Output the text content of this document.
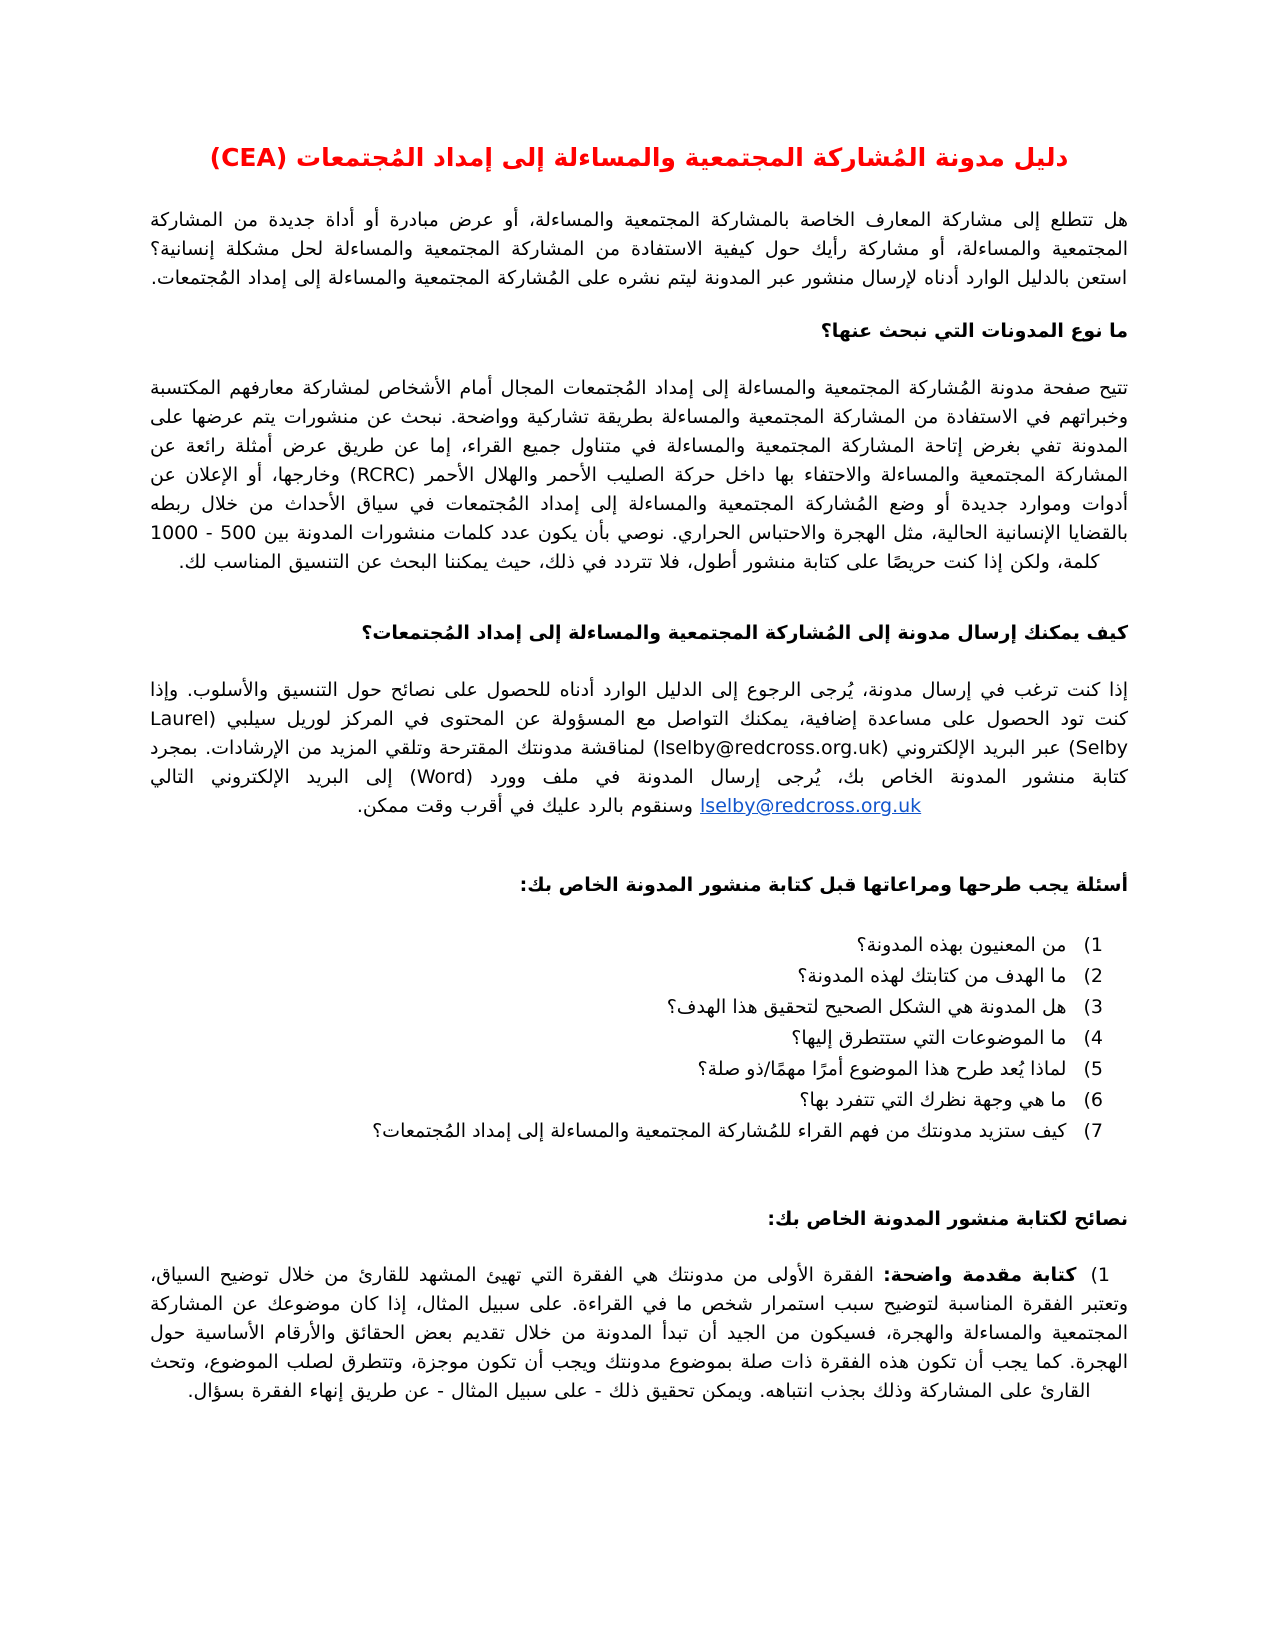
دليل مدونة المُشاركة المجتمعية والمساءلة إلى إمداد المُجتمعات (CEA)

هل تتطلع إلى مشاركة المعارف الخاصة بالمشاركة المجتمعية والمساءلة، أو عرض مبادرة أو أداة جديدة من المشاركة المجتمعية والمساءلة، أو مشاركة رأيك حول كيفية الاستفادة من المشاركة المجتمعية والمساءلة لحل مشكلة إنسانية؟ استعن بالدليل الوارد أدناه لإرسال منشور عبر المدونة ليتم نشره على المُشاركة المجتمعية والمساءلة إلى إمداد المُجتمعات.

ما نوع المدونات التي نبحث عنها؟

تتيح صفحة مدونة المُشاركة المجتمعية والمساءلة إلى إمداد المُجتمعات المجال أمام الأشخاص لمشاركة معارفهم المكتسبة وخبراتهم في الاستفادة من المشاركة المجتمعية والمساءلة بطريقة تشاركية وواضحة. نبحث عن منشورات يتم عرضها على المدونة تفي بغرض إتاحة المشاركة المجتمعية والمساءلة في متناول جميع القراء، إما عن طريق عرض أمثلة رائعة عن المشاركة المجتمعية والمساءلة والاحتفاء بها داخل حركة الصليب الأحمر والهلال الأحمر (RCRC) وخارجها، أو الإعلان عن أدوات وموارد جديدة أو وضع المُشاركة المجتمعية والمساءلة إلى إمداد المُجتمعات في سياق الأحداث من خلال ربطه بالقضايا الإنسانية الحالية، مثل الهجرة والاحتباس الحراري. نوصي بأن يكون عدد كلمات منشورات المدونة بين 500 - 1000 كلمة، ولكن إذا كنت حريصًا على كتابة منشور أطول، فلا تتردد في ذلك، حيث يمكننا البحث عن التنسيق المناسب لك.

كيف يمكنك إرسال مدونة إلى المُشاركة المجتمعية والمساءلة إلى إمداد المُجتمعات؟

إذا كنت ترغب في إرسال مدونة، يُرجى الرجوع إلى الدليل الوارد أدناه للحصول على نصائح حول التنسيق والأسلوب. وإذا كنت تود الحصول على مساعدة إضافية، يمكنك التواصل مع المسؤولة عن المحتوى في المركز لوريل سيلبي (Laurel Selby) عبر البريد الإلكتروني (lselby@redcross.org.uk) لمناقشة مدونتك المقترحة وتلقي المزيد من الإرشادات. بمجرد كتابة منشور المدونة الخاص بك، يُرجى إرسال المدونة في ملف وورد (Word) إلى البريد الإلكتروني التالي lselby@redcross.org.uk وسنقوم بالرد عليك في أقرب وقت ممكن.

أسئلة يجب طرحها ومراعاتها قبل كتابة منشور المدونة الخاص بك:
1)من المعنيون بهذه المدونة؟
2)ما الهدف من كتابتك لهذه المدونة؟
3)هل المدونة هي الشكل الصحيح لتحقيق هذا الهدف؟
4)ما الموضوعات التي ستتطرق إليها؟
5)لماذا يُعد طرح هذا الموضوع أمرًا مهمًا/ذو صلة؟
6)ما هي وجهة نظرك التي تتفرد بها؟
7)كيف ستزيد مدونتك من فهم القراء للمُشاركة المجتمعية والمساءلة إلى إمداد المُجتمعات؟
نصائح لكتابة منشور المدونة الخاص بك:

1)كتابة مقدمة واضحة: الفقرة الأولى من مدونتك هي الفقرة التي تهيئ المشهد للقارئ من خلال توضيح السياق، وتعتبر الفقرة المناسبة لتوضيح سبب استمرار شخص ما في القراءة. على سبيل المثال، إذا كان موضوعك عن المشاركة المجتمعية والمساءلة والهجرة، فسيكون من الجيد أن تبدأ المدونة من خلال تقديم بعض الحقائق والأرقام الأساسية حول الهجرة. كما يجب أن تكون هذه الفقرة ذات صلة بموضوع مدونتك ويجب أن تكون موجزة، وتتطرق لصلب الموضوع، وتحث القارئ على المشاركة وذلك بجذب انتباهه. ويمكن تحقيق ذلك - على سبيل المثال - عن طريق إنهاء الفقرة بسؤال.
